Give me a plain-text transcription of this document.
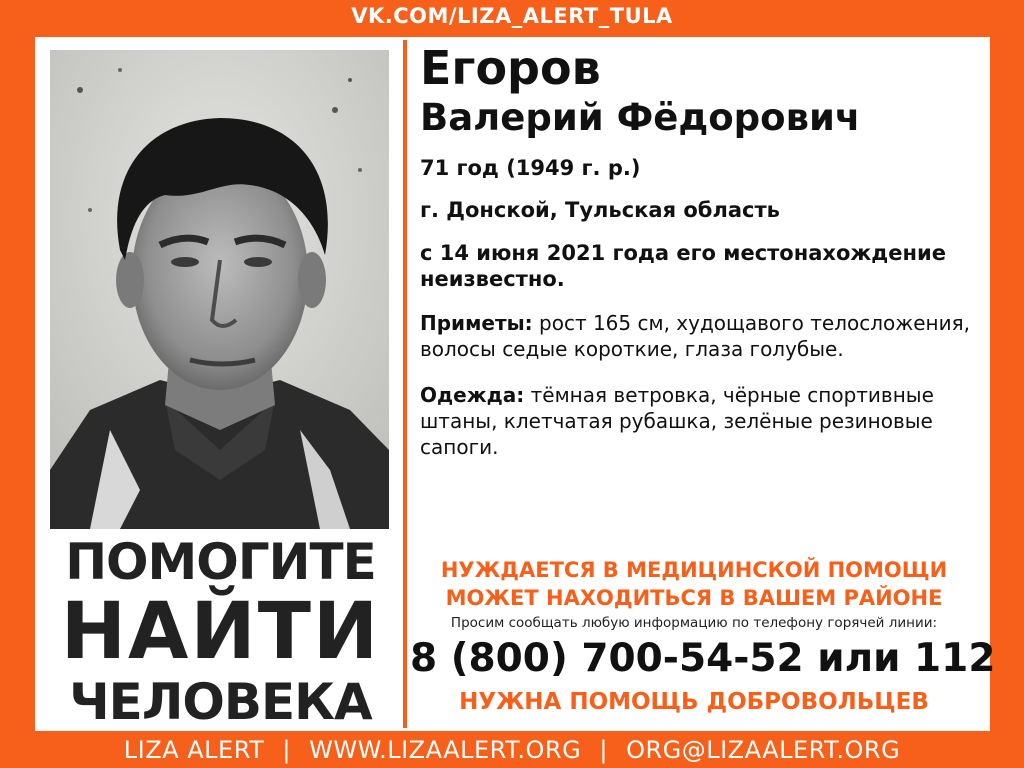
VK.COM/LIZA_ALERT_TULA
ПОМОГИТЕ
НАЙТИ
ЧЕЛОВЕКА
Егоров
Валерий Фёдорович
71 год (1949 г. р.)
г. Донской, Тульская область
с 14 июня 2021 года его местонахождение неизвестно.
Приметы: рост 165 см, худощавого телосложения, волосы седые короткие, глаза голубые.
Одежда: тёмная ветровка, чёрные спортивные штаны, клетчатая рубашка, зелёные резиновые сапоги.
НУЖДАЕТСЯ В МЕДИЦИНСКОЙ ПОМОЩИ
МОЖЕТ НАХОДИТЬСЯ В ВАШЕМ РАЙОНЕ
Просим сообщать любую информацию по телефону горячей линии:
8 (800) 700-54-52 или 112
НУЖНА ПОМОЩЬ ДОБРОВОЛЬЦЕВ
LIZA ALERT | WWW.LIZAALERT.ORG | ORG@LIZAALERT.ORG
